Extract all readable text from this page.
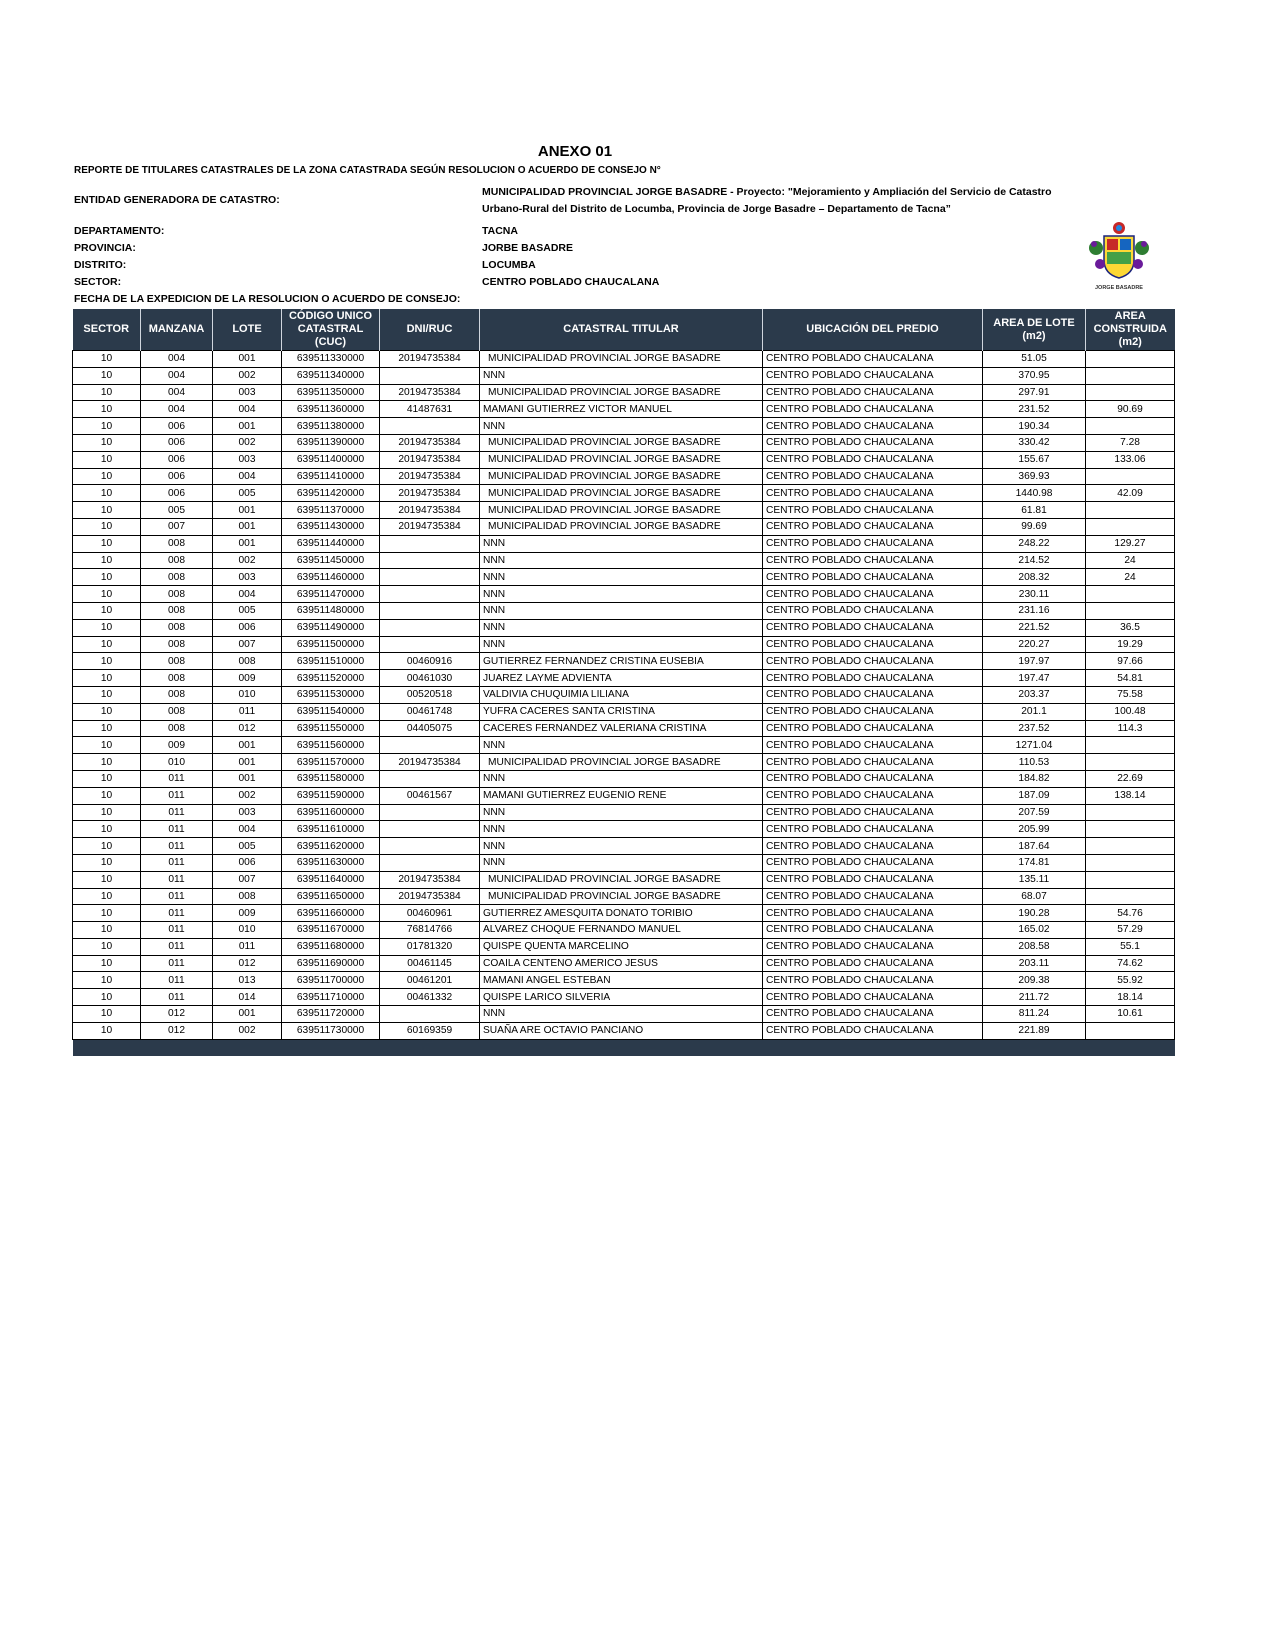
ANEXO 01
REPORTE DE TITULARES CATASTRALES DE LA ZONA CATASTRADA SEGÚN RESOLUCION O ACUERDO DE CONSEJO N°
ENTIDAD GENERADORA DE CATASTRO:
MUNICIPALIDAD PROVINCIAL JORGE BASADRE - Proyecto: "Mejoramiento y Ampliación del Servicio de Catastro
Urbano-Rural del Distrito de Locumba, Provincia de Jorge Basadre – Departamento de Tacna”
DEPARTAMENTO:	TACNA
PROVINCIA:	JORBE BASADRE
DISTRITO:	LOCUMBA
SECTOR:	CENTRO POBLADO CHAUCALANA
FECHA DE LA EXPEDICION DE LA RESOLUCION O ACUERDO DE CONSEJO:
JORGE BASADRE
SECTOR	MANZANA	LOTE	CÓDIGO UNICO CATASTRAL (CUC)	DNI/RUC	CATASTRAL TITULAR	UBICACIÓN DEL PREDIO	AREA DE LOTE (m2)	AREA CONSTRUIDA (m2)
10	004	001	639511330000	20194735384	MUNICIPALIDAD PROVINCIAL JORGE BASADRE	CENTRO POBLADO CHAUCALANA	51.05	
10	004	002	639511340000		NNN	CENTRO POBLADO CHAUCALANA	370.95	
10	004	003	639511350000	20194735384	MUNICIPALIDAD PROVINCIAL JORGE BASADRE	CENTRO POBLADO CHAUCALANA	297.91	
10	004	004	639511360000	41487631	MAMANI GUTIERREZ VICTOR MANUEL	CENTRO POBLADO CHAUCALANA	231.52	90.69
10	006	001	639511380000		NNN	CENTRO POBLADO CHAUCALANA	190.34	
10	006	002	639511390000	20194735384	MUNICIPALIDAD PROVINCIAL JORGE BASADRE	CENTRO POBLADO CHAUCALANA	330.42	7.28
10	006	003	639511400000	20194735384	MUNICIPALIDAD PROVINCIAL JORGE BASADRE	CENTRO POBLADO CHAUCALANA	155.67	133.06
10	006	004	639511410000	20194735384	MUNICIPALIDAD PROVINCIAL JORGE BASADRE	CENTRO POBLADO CHAUCALANA	369.93	
10	006	005	639511420000	20194735384	MUNICIPALIDAD PROVINCIAL JORGE BASADRE	CENTRO POBLADO CHAUCALANA	1440.98	42.09
10	005	001	639511370000	20194735384	MUNICIPALIDAD PROVINCIAL JORGE BASADRE	CENTRO POBLADO CHAUCALANA	61.81	
10	007	001	639511430000	20194735384	MUNICIPALIDAD PROVINCIAL JORGE BASADRE	CENTRO POBLADO CHAUCALANA	99.69	
10	008	001	639511440000		NNN	CENTRO POBLADO CHAUCALANA	248.22	129.27
10	008	002	639511450000		NNN	CENTRO POBLADO CHAUCALANA	214.52	24
10	008	003	639511460000		NNN	CENTRO POBLADO CHAUCALANA	208.32	24
10	008	004	639511470000		NNN	CENTRO POBLADO CHAUCALANA	230.11	
10	008	005	639511480000		NNN	CENTRO POBLADO CHAUCALANA	231.16	
10	008	006	639511490000		NNN	CENTRO POBLADO CHAUCALANA	221.52	36.5
10	008	007	639511500000		NNN	CENTRO POBLADO CHAUCALANA	220.27	19.29
10	008	008	639511510000	00460916	GUTIERREZ FERNANDEZ CRISTINA EUSEBIA	CENTRO POBLADO CHAUCALANA	197.97	97.66
10	008	009	639511520000	00461030	JUAREZ LAYME ADVIENTA	CENTRO POBLADO CHAUCALANA	197.47	54.81
10	008	010	639511530000	00520518	VALDIVIA CHUQUIMIA LILIANA	CENTRO POBLADO CHAUCALANA	203.37	75.58
10	008	011	639511540000	00461748	YUFRA CACERES SANTA CRISTINA	CENTRO POBLADO CHAUCALANA	201.1	100.48
10	008	012	639511550000	04405075	CACERES FERNANDEZ VALERIANA CRISTINA	CENTRO POBLADO CHAUCALANA	237.52	114.3
10	009	001	639511560000		NNN	CENTRO POBLADO CHAUCALANA	1271.04	
10	010	001	639511570000	20194735384	MUNICIPALIDAD PROVINCIAL JORGE BASADRE	CENTRO POBLADO CHAUCALANA	110.53	
10	011	001	639511580000		NNN	CENTRO POBLADO CHAUCALANA	184.82	22.69
10	011	002	639511590000	00461567	MAMANI GUTIERREZ EUGENIO RENE	CENTRO POBLADO CHAUCALANA	187.09	138.14
10	011	003	639511600000		NNN	CENTRO POBLADO CHAUCALANA	207.59	
10	011	004	639511610000		NNN	CENTRO POBLADO CHAUCALANA	205.99	
10	011	005	639511620000		NNN	CENTRO POBLADO CHAUCALANA	187.64	
10	011	006	639511630000		NNN	CENTRO POBLADO CHAUCALANA	174.81	
10	011	007	639511640000	20194735384	MUNICIPALIDAD PROVINCIAL JORGE BASADRE	CENTRO POBLADO CHAUCALANA	135.11	
10	011	008	639511650000	20194735384	MUNICIPALIDAD PROVINCIAL JORGE BASADRE	CENTRO POBLADO CHAUCALANA	68.07	
10	011	009	639511660000	00460961	GUTIERREZ AMESQUITA DONATO TORIBIO	CENTRO POBLADO CHAUCALANA	190.28	54.76
10	011	010	639511670000	76814766	ALVAREZ CHOQUE FERNANDO MANUEL	CENTRO POBLADO CHAUCALANA	165.02	57.29
10	011	011	639511680000	01781320	QUISPE QUENTA MARCELINO	CENTRO POBLADO CHAUCALANA	208.58	55.1
10	011	012	639511690000	00461145	COAILA CENTENO AMERICO JESUS	CENTRO POBLADO CHAUCALANA	203.11	74.62
10	011	013	639511700000	00461201	MAMANI ANGEL ESTEBAN	CENTRO POBLADO CHAUCALANA	209.38	55.92
10	011	014	639511710000	00461332	QUISPE LARICO SILVERIA	CENTRO POBLADO CHAUCALANA	211.72	18.14
10	012	001	639511720000		NNN	CENTRO POBLADO CHAUCALANA	811.24	10.61
10	012	002	639511730000	60169359	SUAÑA ARE OCTAVIO PANCIANO	CENTRO POBLADO CHAUCALANA	221.89	
